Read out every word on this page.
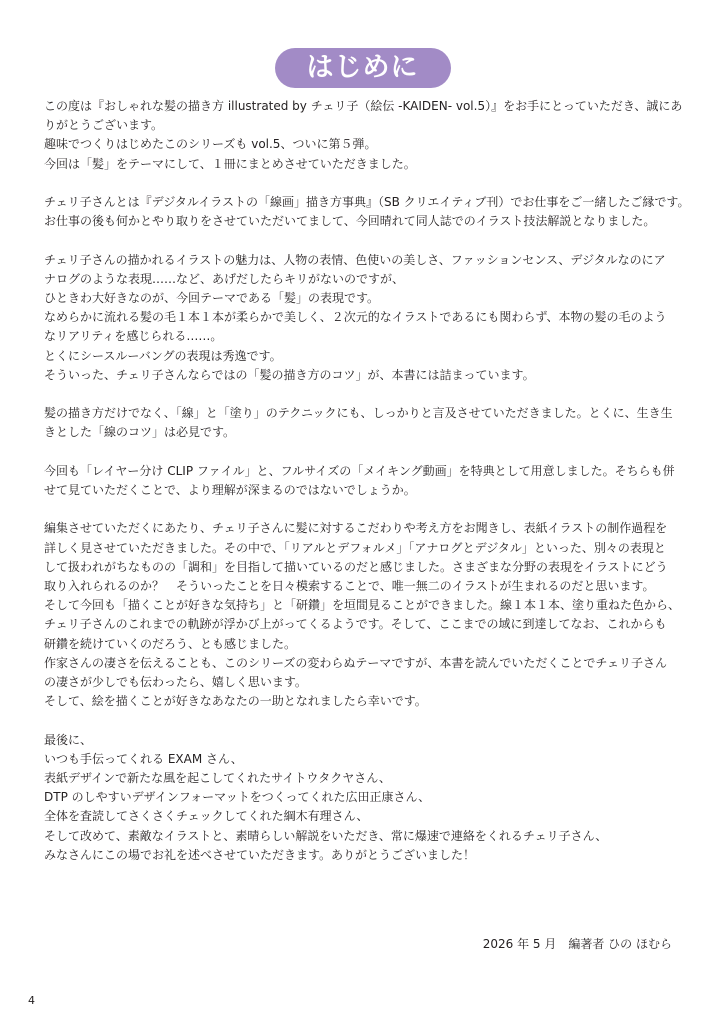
はじめに

この度は『おしゃれな髪の描き方 illustrated by チェリ子（絵伝 -KAIDEN- vol.5）』をお手にとっていただき、誠にあ
りがとうございます。
趣味でつくりはじめたこのシリーズも vol.5、ついに第５弾。
今回は「髪」をテーマにして、１冊にまとめさせていただきました。

チェリ子さんとは『デジタルイラストの「線画」描き方事典』（SB クリエイティブ刊）でお仕事をご一緒したご縁です。
お仕事の後も何かとやり取りをさせていただいてまして、今回晴れて同人誌でのイラスト技法解説となりました。

チェリ子さんの描かれるイラストの魅力は、人物の表情、色使いの美しさ、ファッションセンス、デジタルなのにア
ナログのような表現……など、あげだしたらキリがないのですが、
ひときわ大好きなのが、今回テーマである「髪」の表現です。
なめらかに流れる髪の毛１本１本が柔らかで美しく、２次元的なイラストであるにも関わらず、本物の髪の毛のよう
なリアリティを感じられる……。
とくにシースルーバングの表現は秀逸です。
そういった、チェリ子さんならではの「髪の描き方のコツ」が、本書には詰まっています。

髪の描き方だけでなく、「線」と「塗り」のテクニックにも、しっかりと言及させていただきました。とくに、生き生
きとした「線のコツ」は必見です。

今回も「レイヤー分け CLIP ファイル」と、フルサイズの「メイキング動画」を特典として用意しました。そちらも併
せて見ていただくことで、より理解が深まるのではないでしょうか。

編集させていただくにあたり、チェリ子さんに髪に対するこだわりや考え方をお聞きし、表紙イラストの制作過程を
詳しく見させていただきました。その中で、「リアルとデフォルメ」「アナログとデジタル」といった、別々の表現と
して扱われがちなものの「調和」を目指して描いているのだと感じました。さまざまな分野の表現をイラストにどう
取り入れられるのか？　そういったことを日々模索することで、唯一無二のイラストが生まれるのだと思います。
そして今回も「描くことが好きな気持ち」と「研鑽」を垣間見ることができました。線１本１本、塗り重ねた色から、
チェリ子さんのこれまでの軌跡が浮かび上がってくるようです。そして、ここまでの域に到達してなお、これからも
研鑽を続けていくのだろう、とも感じました。
作家さんの凄さを伝えることも、このシリーズの変わらぬテーマですが、本書を読んでいただくことでチェリ子さん
の凄さが少しでも伝わったら、嬉しく思います。
そして、絵を描くことが好きなあなたの一助となれましたら幸いです。

最後に、
いつも手伝ってくれる EXAM さん、
表紙デザインで新たな風を起こしてくれたサイトウタクヤさん、
DTP のしやすいデザインフォーマットをつくってくれた広田正康さん、
全体を査読してさくさくチェックしてくれた綱木有理さん、
そして改めて、素敵なイラストと、素晴らしい解説をいただき、常に爆速で連絡をくれるチェリ子さん、
みなさんにこの場でお礼を述べさせていただきます。ありがとうございました！

2026 年 5 月　編著者 ひの ほむら
4
